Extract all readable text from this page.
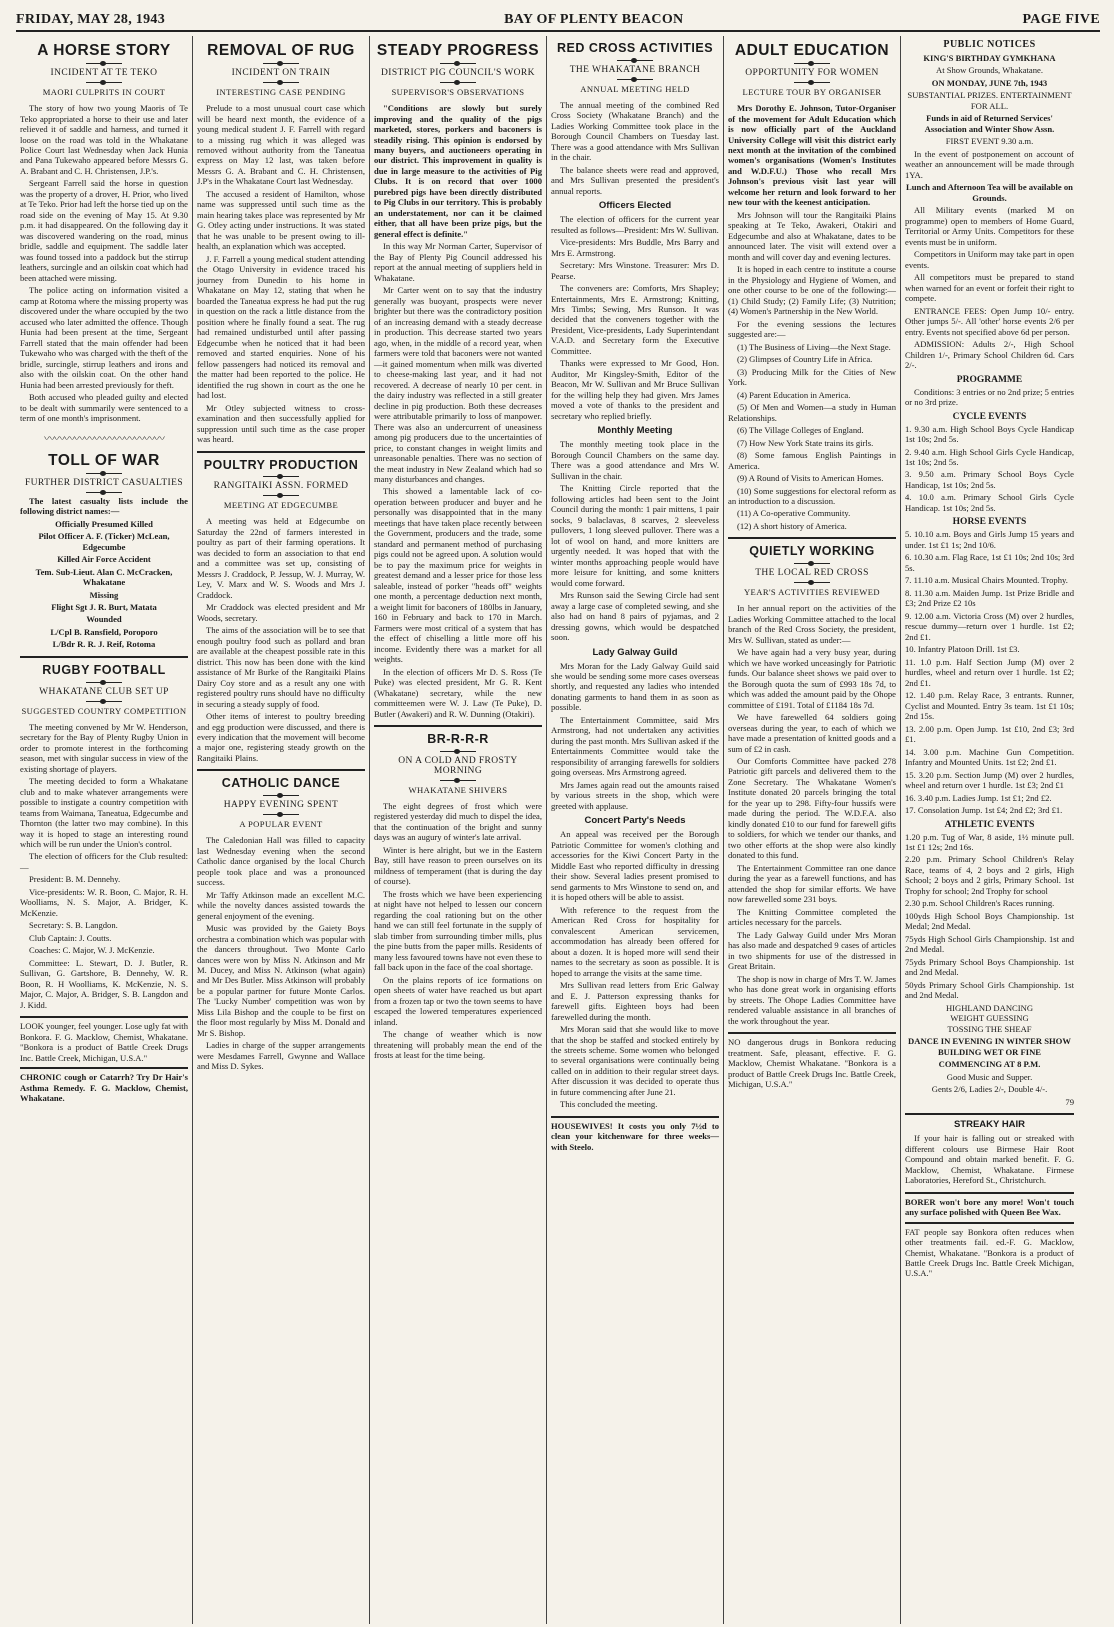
FRIDAY, MAY 28, 1943	BAY OF PLENTY BEACON	PAGE FIVE
A HORSE STORY
INCIDENT AT TE TEKO
MAORI CULPRITS IN COURT

The story of how two young Maoris of Te Teko appropriated a horse to their use and later relieved it of saddle and harness, and turned it loose on the road was told in the Whakatane Police Court last Wednesday when Jack Hunia and Pana Tukewaho appeared before Messrs G. A. Brabant and C. H. Christensen, J.P.'s.

Sergeant Farrell said the horse in question was the property of a drover, H. Prior, who lived at Te Teko. Prior had left the horse tied up on the road side on the evening of May 15. At 9.30 p.m. it had disappeared. On the following day it was discovered wandering on the road, minus bridle, saddle and equipment. The saddle later was found tossed into a paddock but the stirrup leathers, surcingle and an oilskin coat which had been attached were missing.

The police acting on information visited a camp at Rotoma where the missing property was discovered under the whare occupied by the two accused who later admitted the offence. Though Hunia had been present at the time, Sergeant Farrell stated that the main offender had been Tukewaho who was charged with the theft of the bridle, surcingle, stirrup leathers and irons and also with the oilskin coat. On the other hand Hunia had been arrested previously for theft.

Both accused who pleaded guilty and elected to be dealt with summarily were sentenced to a term of one month's imprisonment.

〰〰〰〰〰〰〰〰〰〰〰〰
TOLL OF WAR
FURTHER DISTRICT CASUALTIES

The latest casualty lists include the following district names:—

Officially Presumed Killed

Pilot Officer A. F. (Ticker) McLean, Edgecumbe

Killed Air Force Accident

Tem. Sub-Lieut. Alan C. McCracken, Whakatane

Missing

Flight Sgt J. R. Burt, Matata

Wounded

L/Cpl B. Ransfield, Poroporo

L/Bdr R. R. J. Reif, Rotoma

RUGBY FOOTBALL
WHAKATANE CLUB SET UP
SUGGESTED COUNTRY COMPETITION

The meeting convened by Mr W. Henderson, secretary for the Bay of Plenty Rugby Union in order to promote interest in the forthcoming season, met with singular success in view of the existing shortage of players.

The meeting decided to form a Whakatane club and to make whatever arrangements were possible to instigate a country competition with teams from Waimana, Taneatua, Edgecumbe and Thornton (the latter two may combine). In this way it is hoped to stage an interesting round which will be run under the Union's control.

The election of officers for the Club resulted:—

President: B. M. Dennehy.

Vice-presidents: W. R. Boon, C. Major, R. H. Woolliams, N. S. Major, A. Bridger, K. McKenzie.

Secretary: S. B. Langdon.

Club Captain: J. Coutts.

Coaches: C. Major, W. J. McKenzie.

Committee: L. Stewart, D. J. Butler, R. Sullivan, G. Gartshore, B. Dennehy, W. R. Boon, R. H Woolliams, K. McKenzie, N. S. Major, C. Major, A. Bridger, S. B. Langdon and J. Kidd.

LOOK younger, feel younger. Lose ugly fat with Bonkora. F. G. Macklow, Chemist, Whakatane. "Bonkora is a product of Battle Creek Drugs Inc. Battle Creek, Michigan, U.S.A."

CHRONIC cough or Catarrh? Try Dr Hair's Asthma Remedy. F. G. Macklow, Chemist, Whakatane.

REMOVAL OF RUG
INCIDENT ON TRAIN
INTERESTING CASE PENDING

Prelude to a most unusual court case which will be heard next month, the evidence of a young medical student J. F. Farrell with regard to a missing rug which it was alleged was removed without authority from the Taneatua express on May 12 last, was taken before Messrs G. A. Brabant and C. H. Christensen, J.P's in the Whakatane Court last Wednesday.

The accused a resident of Hamilton, whose name was suppressed until such time as the main hearing takes place was represented by Mr G. Otley acting under instructions. It was stated that he was unable to be present owing to ill-health, an explanation which was accepted.

J. F. Farrell a young medical student attending the Otago University in evidence traced his journey from Dunedin to his home in Whakatane on May 12, stating that when he boarded the Taneatua express he had put the rug in question on the rack a little distance from the position where he finally found a seat. The rug had remained undisturbed until after passing Edgecumbe when he noticed that it had been removed and started enquiries. None of his fellow passengers had noticed its removal and the matter had been reported to the police. He identified the rug shown in court as the one he had lost.

Mr Otley subjected witness to cross-examination and then successfully applied for suppression until such time as the case proper was heard.

POULTRY PRODUCTION
RANGITAIKI ASSN. FORMED
MEETING AT EDGECUMBE

A meeting was held at Edgecumbe on Saturday the 22nd of farmers interested in poultry as part of their farming operations. It was decided to form an association to that end and a committee was set up, consisting of Messrs J. Craddock, P. Jessup, W. J. Murray, W. Ley, V. Marx and W. S. Woods and Mrs J. Craddock.

Mr Craddock was elected president and Mr Woods, secretary.

The aims of the association will be to see that enough poultry food such as pollard and bran are available at the cheapest possible rate in this district. This now has been done with the kind assistance of Mr Burke of the Rangitaiki Plains Dairy Coy store and as a result any one with registered poultry runs should have no difficulty in securing a steady supply of food.

Other items of interest to poultry breeding and egg production were discussed, and there is every indication that the movement will become a major one, registering steady growth on the Rangitaiki Plains.

CATHOLIC DANCE
HAPPY EVENING SPENT
A POPULAR EVENT

The Caledonian Hall was filled to capacity last Wednesday evening when the second Catholic dance organised by the local Church people took place and was a pronounced success.

Mr Taffy Atkinson made an excellent M.C. while the novelty dances assisted towards the general enjoyment of the evening.

Music was provided by the Gaiety Boys orchestra a combination which was popular with the dancers throughout. Two Monte Carlo dances were won by Miss N. Atkinson and Mr M. Ducey, and Miss N. Atkinson (what again) and Mr Des Butler. Miss Atkinson will probably be a popular partner for future Monte Carlos. The 'Lucky Number' competition was won by Miss Lila Bishop and the couple to be first on the floor most regularly by Miss M. Donald and Mr S. Bishop.

Ladies in charge of the supper arrangements were Mesdames Farrell, Gwynne and Wallace and Miss D. Sykes.

STEADY PROGRESS
DISTRICT PIG COUNCIL'S WORK
SUPERVISOR'S OBSERVATIONS

"Conditions are slowly but surely improving and the quality of the pigs marketed, stores, porkers and baconers is steadily rising. This opinion is endorsed by many buyers, and auctioneers operating in our district. This improvement in quality is due in large measure to the activities of Pig Clubs. It is on record that over 1000 purebred pigs have been directly distributed to Pig Clubs in our territory. This is probably an understatement, nor can it be claimed either, that all have been prize pigs, but the general effect is definite."

In this way Mr Norman Carter, Supervisor of the Bay of Plenty Pig Council addressed his report at the annual meeting of suppliers held in Whakatane.

Mr Carter went on to say that the industry generally was buoyant, prospects were never brighter but there was the contradictory position of an increasing demand with a steady decrease in production. This decrease started two years ago, when, in the middle of a record year, when farmers were told that baconers were not wanted—it gained momentum when milk was diverted to cheese-making last year, and it had not recovered. A decrease of nearly 10 per cent. in the dairy industry was reflected in a still greater decline in pig production. Both these decreases were attributable primarily to loss of manpower. There was also an undercurrent of uneasiness among pig producers due to the uncertainties of price, to constant changes in weight limits and unreasonable penalties. There was no section of the meat industry in New Zealand which had so many disturbances and changes.

This showed a lamentable lack of co-operation between producer and buyer and he personally was disappointed that in the many meetings that have taken place recently between the Government, producers and the trade, some standard and permanent method of purchasing pigs could not be agreed upon. A solution would be to pay the maximum price for weights in greatest demand and a lesser price for those less saleable, instead of porker "heads off" weights one month, a percentage deduction next month, a weight limit for baconers of 180lbs in January, 160 in February and back to 170 in March. Farmers were most critical of a system that has the effect of chiselling a little more off his income. Evidently there was a market for all weights.

In the election of officers Mr D. S. Ross (Te Puke) was elected president, Mr G. R. Kent (Whakatane) secretary, while the new committeemen were W. J. Law (Te Puke), D. Butler (Awakeri) and R. W. Dunning (Otakiri).

BR-R-R-R
ON A COLD AND FROSTY MORNING
WHAKATANE SHIVERS

The eight degrees of frost which were registered yesterday did much to dispel the idea, that the continuation of the bright and sunny days was an augury of winter's late arrival.

Winter is here alright, but we in the Eastern Bay, still have reason to preen ourselves on its mildness of temperament (that is during the day of course).

The frosts which we have been experiencing at night have not helped to lessen our concern regarding the coal rationing but on the other hand we can still feel fortunate in the supply of slab timber from surrounding timber mills, plus the pine butts from the paper mills. Residents of many less favoured towns have not even these to fall back upon in the face of the coal shortage.

On the plains reports of ice formations on open sheets of water have reached us but apart from a frozen tap or two the town seems to have escaped the lowered temperatures experienced inland.

The change of weather which is now threatening will probably mean the end of the frosts at least for the time being.

RED CROSS ACTIVITIES
THE WHAKATANE BRANCH
ANNUAL MEETING HELD

The annual meeting of the combined Red Cross Society (Whakatane Branch) and the Ladies Working Committee took place in the Borough Council Chambers on Tuesday last. There was a good attendance with Mrs Sullivan in the chair.

The balance sheets were read and approved, and Mrs Sullivan presented the president's annual reports.

Officers Elected

The election of officers for the current year resulted as follows—President: Mrs W. Sullivan.

Vice-presidents: Mrs Buddle, Mrs Barry and Mrs E. Armstrong.

Secretary: Mrs Winstone. Treasurer: Mrs D. Pearse.

The conveners are: Comforts, Mrs Shapley; Entertainments, Mrs E. Armstrong; Knitting, Mrs Timbs; Sewing, Mrs Runson. It was decided that the conveners together with the President, Vice-presidents, Lady Superintendant V.A.D. and Secretary form the Executive Committee.

Thanks were expressed to Mr Good, Hon. Auditor, Mr Kingsley-Smith, Editor of the Beacon, Mr W. Sullivan and Mr Bruce Sullivan for the willing help they had given. Mrs James moved a vote of thanks to the president and secretary who replied briefly.

Monthly Meeting

The monthly meeting took place in the Borough Council Chambers on the same day. There was a good attendance and Mrs W. Sullivan in the chair.

The Knitting Circle reported that the following articles had been sent to the Joint Council during the month: 1 pair mittens, 1 pair socks, 9 balaclavas, 8 scarves, 2 sleeveless pullovers, 1 long sleeved pullover. There was a lot of wool on hand, and more knitters are urgently needed. It was hoped that with the winter months approaching people would have more leisure for knitting, and some knitters would come forward.

Mrs Runson said the Sewing Circle had sent away a large case of completed sewing, and she also had on hand 8 pairs of pyjamas, and 2 dressing gowns, which would be despatched soon.

Lady Galway Guild

Mrs Moran for the Lady Galway Guild said she would be sending some more cases overseas shortly, and requested any ladies who intended donating garments to hand them in as soon as possible.

The Entertainment Committee, said Mrs Armstrong, had not undertaken any activities during the past month. Mrs Sullivan asked if the Entertainments Committee would take the responsibility of arranging farewells for soldiers going overseas. Mrs Armstrong agreed.

Mrs James again read out the amounts raised by various streets in the shop, which were greeted with applause.

Concert Party's Needs

An appeal was received per the Borough Patriotic Committee for women's clothing and accessories for the Kiwi Concert Party in the Middle East who reported difficulty in dressing their show. Several ladies present promised to send garments to Mrs Winstone to send on, and it is hoped others will be able to assist.

With reference to the request from the American Red Cross for hospitality for convalescent American servicemen, accommodation has already been offered for about a dozen. It is hoped more will send their names to the secretary as soon as possible. It is hoped to arrange the visits at the same time.

Mrs Sullivan read letters from Eric Galway and E. J. Patterson expressing thanks for farewell gifts. Eighteen boys had been farewelled during the month.

Mrs Moran said that she would like to move that the shop be staffed and stocked entirely by the streets scheme. Some women who belonged to several organisations were continually being called on in addition to their regular street days. After discussion it was decided to operate thus in future commencing after June 21.

This concluded the meeting.

HOUSEWIVES! It costs you only 7½d to clean your kitchenware for three weeks—with Steelo.

ADULT EDUCATION
OPPORTUNITY FOR WOMEN
LECTURE TOUR BY ORGANISER

Mrs Dorothy E. Johnson, Tutor-Organiser of the movement for Adult Education which is now officially part of the Auckland University College will visit this district early next month at the invitation of the combined women's organisations (Women's Institutes and W.D.F.U.) Those who recall Mrs Johnson's previous visit last year will welcome her return and look forward to her new tour with the keenest anticipation.

Mrs Johnson will tour the Rangitaiki Plains speaking at Te Teko, Awakeri, Otakiri and Edgecumbe and also at Whakatane, dates to be announced later. The visit will extend over a month and will cover day and evening lectures.

It is hoped in each centre to institute a course in the Physiology and Hygiene of Women, and one other course to be one of the following:— (1) Child Study; (2) Family Life; (3) Nutrition; (4) Women's Partnership in the New World.

For the evening sessions the lectures suggested are:—

(1) The Business of Living—the Next Stage.

(2) Glimpses of Country Life in Africa.

(3) Producing Milk for the Cities of New York.

(4) Parent Education in America.

(5) Of Men and Women—a study in Human Relationships.

(6) The Village Colleges of England.

(7) How New York State trains its girls.

(8) Some famous English Paintings in America.

(9) A Round of Visits to American Homes.

(10) Some suggestions for electoral reform as an introduction to a discussion.

(11) A Co-operative Community.

(12) A short history of America.

QUIETLY WORKING
THE LOCAL RED CROSS
YEAR'S ACTIVITIES REVIEWED

In her annual report on the activities of the Ladies Working Committee attached to the local branch of the Red Cross Society, the president, Mrs W. Sullivan, stated as under:—

We have again had a very busy year, during which we have worked unceasingly for Patriotic funds. Our balance sheet shows we paid over to the Borough quota the sum of £993 18s 7d, to which was added the amount paid by the Ohope committee of £191. Total of £1184 18s 7d.

We have farewelled 64 soldiers going overseas during the year, to each of which we have made a presentation of knitted goods and a sum of £2 in cash.

Our Comforts Committee have packed 278 Patriotic gift parcels and delivered them to the Zone Secretary. The Whakatane Women's Institute donated 20 parcels bringing the total for the year up to 298. Fifty-four hussifs were made during the period. The W.D.F.A. also kindly donated £10 to our fund for farewell gifts to soldiers, for which we tender our thanks, and two other efforts at the shop were also kindly donated to this fund.

The Entertainment Committee ran one dance during the year as a farewell functions, and has attended the shop for similar efforts. We have now farewelled some 231 boys.

The Knitting Committee completed the articles necessary for the parcels.

The Lady Galway Guild under Mrs Moran has also made and despatched 9 cases of articles in two shipments for use of the distressed in Great Britain.

The shop is now in charge of Mrs T. W. James who has done great work in organising efforts by streets. The Ohope Ladies Committee have rendered valuable assistance in all branches of the work throughout the year.

NO dangerous drugs in Bonkora reducing treatment. Safe, pleasant, effective. F. G. Macklow, Chemist Whakatane. "Bonkora is a product of Battle Creek Drugs Inc. Battle Creek, Michigan, U.S.A."

PUBLIC NOTICES

KING'S BIRTHDAY GYMKHANA

At Show Grounds, Whakatane.

ON MONDAY, JUNE 7th, 1943

SUBSTANTIAL PRIZES. ENTERTAINMENT FOR ALL.

Funds in aid of Returned Services' Association and Winter Show Assn.

FIRST EVENT 9.30 a.m.

In the event of postponement on account of weather an announcement will be made through 1YA.

Lunch and Afternoon Tea will be available on Grounds.

All Military events (marked M on programme) open to members of Home Guard, Territorial or Army Units. Competitors for these events must be in uniform.

Competitors in Uniform may take part in open events.

All competitors must be prepared to stand when warned for an event or forfeit their right to compete.

ENTRANCE FEES: Open Jump 10/- entry. Other jumps 5/-. All 'other' horse events 2/6 per entry. Events not specified above 6d per person.

ADMISSION: Adults 2/-, High School Children 1/-, Primary School Children 6d. Cars 2/-.

PROGRAMME

Conditions: 3 entries or no 2nd prize; 5 entries or no 3rd prize.

CYCLE EVENTS

1. 9.30 a.m. High School Boys Cycle Handicap 1st 10s; 2nd 5s.

2. 9.40 a.m. High School Girls Cycle Handicap, 1st 10s; 2nd 5s.

3. 9.50 a.m. Primary School Boys Cycle Handicap, 1st 10s; 2nd 5s.

4. 10.0 a.m. Primary School Girls Cycle Handicap. 1st 10s; 2nd 5s.

HORSE EVENTS

5. 10.10 a.m. Boys and Girls Jump 15 years and under. 1st £1 1s; 2nd 10/6.

6. 10.30 a.m. Flag Race, 1st £1 10s; 2nd 10s; 3rd 5s.

7. 11.10 a.m. Musical Chairs Mounted. Trophy.

8. 11.30 a.m. Maiden Jump. 1st Prize Bridle and £3; 2nd Prize £2 10s

9. 12.00 a.m. Victoria Cross (M) over 2 hurdles, rescue dummy—return over 1 hurdle. 1st £2; 2nd £1.

10. Infantry Platoon Drill. 1st £3.

11. 1.0 p.m. Half Section Jump (M) over 2 hurdles, wheel and return over 1 hurdle. 1st £2; 2nd £1.

12. 1.40 p.m. Relay Race, 3 entrants. Runner, Cyclist and Mounted. Entry 3s team. 1st £1 10s; 2nd 15s.

13. 2.00 p.m. Open Jump. 1st £10, 2nd £3; 3rd £1.

14. 3.00 p.m. Machine Gun Competition. Infantry and Mounted Units. 1st £2; 2nd £1.

15. 3.20 p.m. Section Jump (M) over 2 hurdles, wheel and return over 1 hurdle. 1st £3; 2nd £1

16. 3.40 p.m. Ladies Jump. 1st £1; 2nd £2.

17. Consolation Jump. 1st £4; 2nd £2; 3rd £1.

ATHLETIC EVENTS

1.20 p.m. Tug of War, 8 aside, 1½ minute pull. 1st £1 12s; 2nd 16s.

2.20 p.m. Primary School Children's Relay Race, teams of 4, 2 boys and 2 girls, High School; 2 boys and 2 girls, Primary School. 1st Trophy for school; 2nd Trophy for school

2.30 p.m. School Children's Races running.

100yds High School Boys Championship. 1st Medal; 2nd Medal.

75yds High School Girls Championship. 1st and 2nd Medal.

75yds Primary School Boys Championship. 1st and 2nd Medal.

50yds Primary School Girls Championship. 1st and 2nd Medal.

HIGHLAND DANCING
WEIGHT GUESSING
TOSSING THE SHEAF

DANCE IN EVENING IN WINTER SHOW BUILDING WET OR FINE

COMMENCING AT 8 P.M.

Good Music and Supper.

Gents 2/6, Ladies 2/-, Double 4/-.

79

STREAKY HAIR

If your hair is falling out or streaked with different colours use Birmese Hair Root Compound and obtain marked benefit. F. G. Macklow, Chemist, Whakatane. Firmese Laboratories, Hereford St., Christchurch.

BORER won't bore any more! Won't touch any surface polished with Queen Bee Wax.

FAT people say Bonkora often reduces when other treatments fail. ed.-F. G. Macklow, Chemist, Whakatane. "Bonkora is a product of Battle Creek Drugs Inc. Battle Creek Michigan, U.S.A."
